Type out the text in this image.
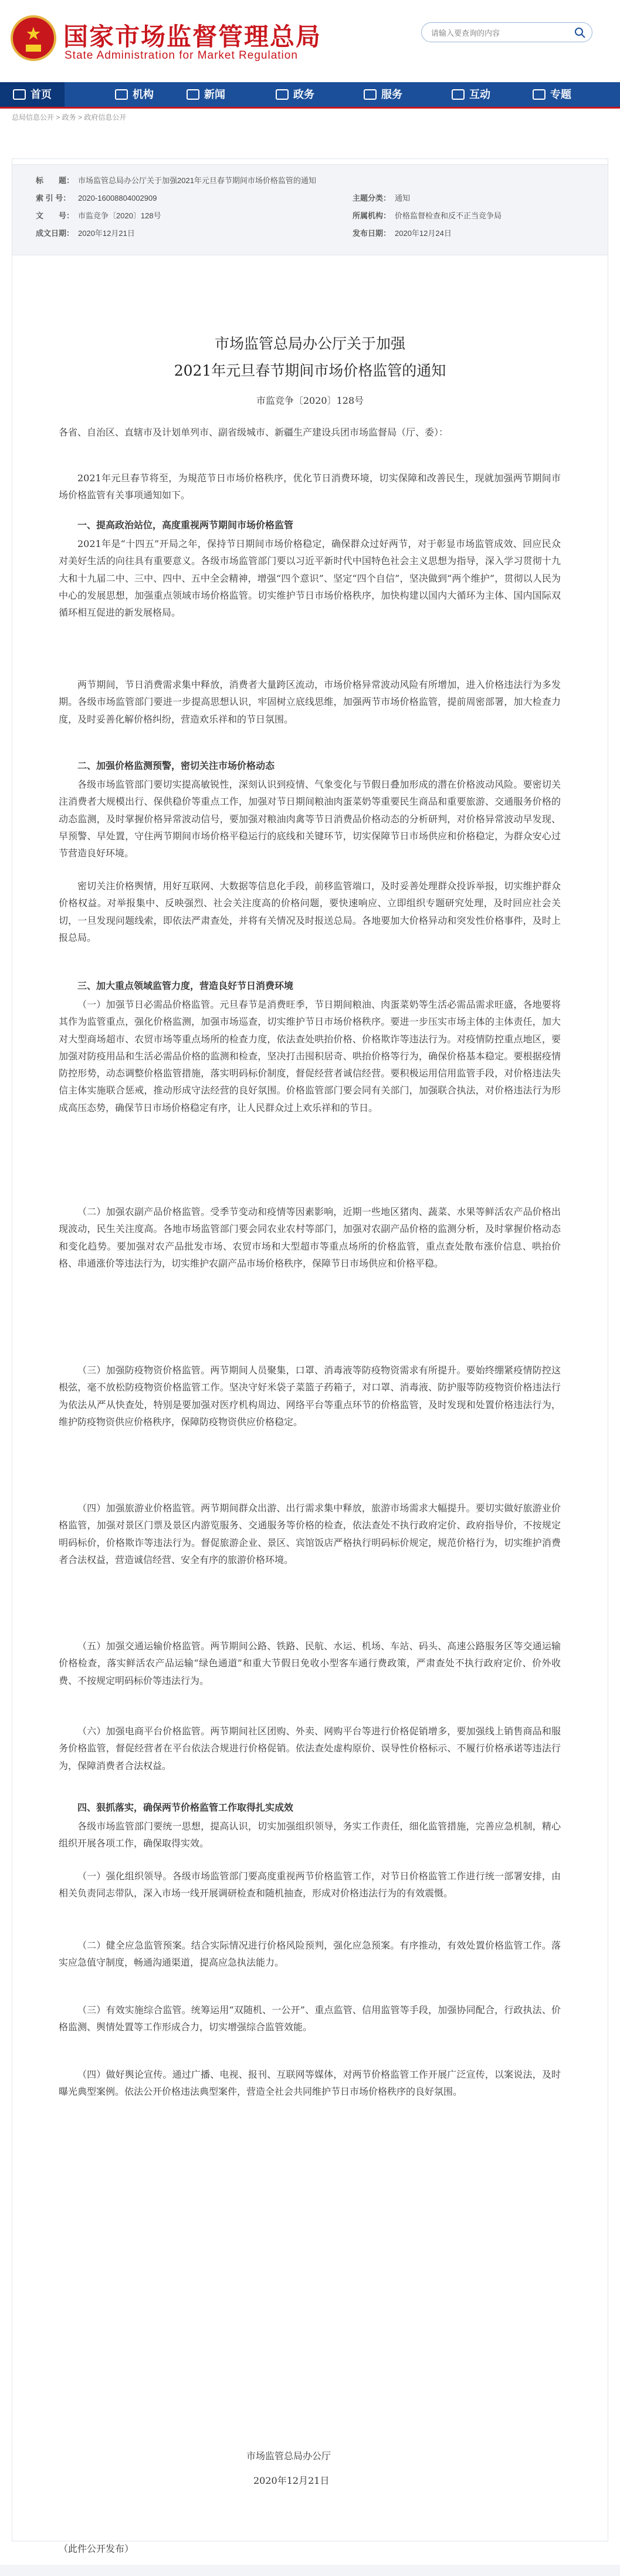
★ 国家市场监督管理总局
State Administration for Market Regulation
请输入要查询的内容
首页	机构	新闻	政务	服务	互动	专题
总局信息公开 > 政务 > 政府信息公开
标　　题： 市场监管总局办公厅关于加强2021年元旦春节期间市场价格监管的通知
索 引 号： 2020-16008804002909
文　　号： 市监竞争〔2020〕128号
成文日期： 2020年12月21日
主题分类： 通知
所属机构： 价格监督检查和反不正当竞争局
发布日期： 2020年12月24日
市场监管总局办公厅关于加强
2021年元旦春节期间市场价格监管的通知
市监竞争〔2020〕128号
各省、自治区、直辖市及计划单列市、副省级城市、新疆生产建设兵团市场监督局（厅、委）：
2021年元旦春节将至，为規范节日市场价格秩序，优化节日消费环境，切实保障和改善民生，现就加强两节期间市场价格监管有关事项通知如下。
一、提高政治站位，高度重视两节期间市场价格监管
2021年是“十四五”开局之年，保持节日期间市场价格稳定，确保群众过好两节，对于彰显市场监管成效、回应民众对美好生活的向往具有重要意义。各级市场监管部门要以习近平新时代中国特色社会主义思想为指导，深入学习贯彻十九大和十九届二中、三中、四中、五中全会精神，增强“四个意识”、坚定“四个自信”，坚决做到“两个维护”，贯彻以人民为中心的发展思想，加强重点领域市场价格监管。切实维护节日市场价格秩序，加快构建以国内大循环为主体、国内国际双循环相互促进的新发展格局。
两节期间，节日消费需求集中释放，消费者大量跨区流动，市场价格异常波动风险有所增加，进入价格违法行为多发期。各级市场监管部门要进一步提高思想认识，牢固树立底线思维，加强两节市场价格监管，提前周密部署，加大检查力度，及时妥善化解价格纠纷，营造欢乐祥和的节日氛围。
二、加强价格监测预警，密切关注市场价格动态
各级市场监管部门要切实提高敏锐性，深刻认识到疫情、气象变化与节假日叠加形成的潜在价格波动风险。要密切关注消费者大规模出行、保供稳价等重点工作，加强对节日期间粮油肉蛋菜奶等重要民生商品和重要旅游、交通服务价格的动态监测，及时掌握价格异常波动信号，要加强对粮油肉禽等节日消费品价格动态的分析研判，对价格异常波动早发现、早预警、早处置，守住两节期间市场价格平稳运行的底线和关键环节，切实保障节日市场供应和价格稳定，为群众安心过节营造良好环境。
密切关注价格舆情，用好互联网、大数据等信息化手段，前移监管端口，及时妥善处理群众投诉举报，切实维护群众价格权益。对举报集中、反映强烈、社会关注度高的价格问题，要快速响应、立即组织专题研究处理，及时回应社会关切，一旦发现问题线索，即依法严肃查处，并将有关情况及时报送总局。各地要加大价格异动和突发性价格事件，及时上报总局。
三、加大重点领域监管力度，营造良好节日消费环境
（一）加强节日必需品价格监管。元旦春节是消费旺季，节日期间粮油、肉蛋菜奶等生活必需品需求旺盛，各地要将其作为监管重点，强化价格监测，加强市场巡查，切实维护节日市场价格秩序。要进一步压实市场主体的主体责任，加大对大型商场超市、农贸市场等重点场所的检查力度，依法查处哄抬价格、价格欺诈等违法行为。对疫情防控重点地区，要加强对防疫用品和生活必需品价格的监测和检查，坚决打击囤积居奇、哄抬价格等行为，确保价格基本稳定。要根据疫情防控形势，动态调整价格监管措施，落实明码标价制度，督促经营者诚信经营。要积极运用信用监管手段，对价格违法失信主体实施联合惩戒，推动形成守法经营的良好氛围。价格监管部门要会同有关部门，加强联合执法，对价格违法行为形成高压态势，确保节日市场价格稳定有序，让人民群众过上欢乐祥和的节日。
（二）加强农副产品价格监管。受季节变动和疫情等因素影响，近期一些地区猪肉、蔬菜、水果等鲜活农产品价格出现波动，民生关注度高。各地市场监管部门要会同农业农村等部门，加强对农副产品价格的监测分析，及时掌握价格动态和变化趋势。要加强对农产品批发市场、农贸市场和大型超市等重点场所的价格监管，重点查处散布涨价信息、哄抬价格、串通涨价等违法行为，切实维护农副产品市场价格秩序，保障节日市场供应和价格平稳。
（三）加强防疫物资价格监管。两节期间人员聚集，口罩、消毒液等防疫物资需求有所提升。要始终绷紧疫情防控这根弦，毫不放松防疫物资价格监管工作。坚决守好米袋子菜篮子药箱子，对口罩、消毒液、防护服等防疫物资价格违法行为依法从严从快查处，特别是要加强对医疗机构周边、网络平台等重点环节的价格监管，及时发现和处置价格违法行为，维护防疫物资供应价格秩序，保障防疫物资供应价格稳定。
（四）加强旅游业价格监管。两节期间群众出游、出行需求集中释放，旅游市场需求大幅提升。要切实做好旅游业价格监管，加强对景区门票及景区内游览服务、交通服务等价格的检查，依法查处不执行政府定价、政府指导价，不按规定明码标价，价格欺诈等违法行为。督促旅游企业、景区、宾馆饭店严格执行明码标价规定，规范价格行为，切实维护消费者合法权益，营造诚信经营、安全有序的旅游价格环境。
（五）加强交通运输价格监管。两节期间公路、铁路、民航、水运、机场、车站、码头、高速公路服务区等交通运输价格检查，落实鲜活农产品运输“绿色通道”和重大节假日免收小型客车通行费政策，严肃查处不执行政府定价、价外收费、不按规定明码标价等违法行为。
（六）加强电商平台价格监管。两节期间社区团购、外卖、网购平台等进行价格促销增多，要加强线上销售商品和服务价格监管，督促经营者在平台依法合规进行价格促销。依法查处虚构原价、误导性价格标示、不履行价格承诺等违法行为，保障消费者合法权益。
四、狠抓落实，确保两节价格监管工作取得扎实成效
各级市场监管部门要统一思想，提高认识，切实加强组织领导，务实工作责任，细化监管措施，完善应急机制，精心组织开展各项工作，确保取得实效。
（一）强化组织领导。各级市场监管部门要高度重视两节价格监管工作，对节日价格监管工作进行统一部署安排，由相关负责同志带队，深入市场一线开展调研检查和随机抽查，形成对价格违法行为的有效震慑。
（二）健全应急监管预案。结合实际情况进行价格风险预判，强化应急预案。有序推动，有效处置价格监管工作。落实应急值守制度，畅通沟通渠道，提高应急执法能力。
（三）有效实施综合监管。统筹运用“双随机、一公开”、重点监管、信用监管等手段，加强协同配合，行政执法、价格监测、舆情处置等工作形成合力，切实增强综合监管效能。
（四）做好舆论宣传。通过广播、电视、报刊、互联网等媒体，对两节价格监管工作开展广泛宣传，以案说法，及时曝光典型案例。依法公开价格违法典型案件，营造全社会共同维护节日市场价格秩序的良好氛围。
市场监管总局办公厅
2020年12月21日
（此件公开发布）
